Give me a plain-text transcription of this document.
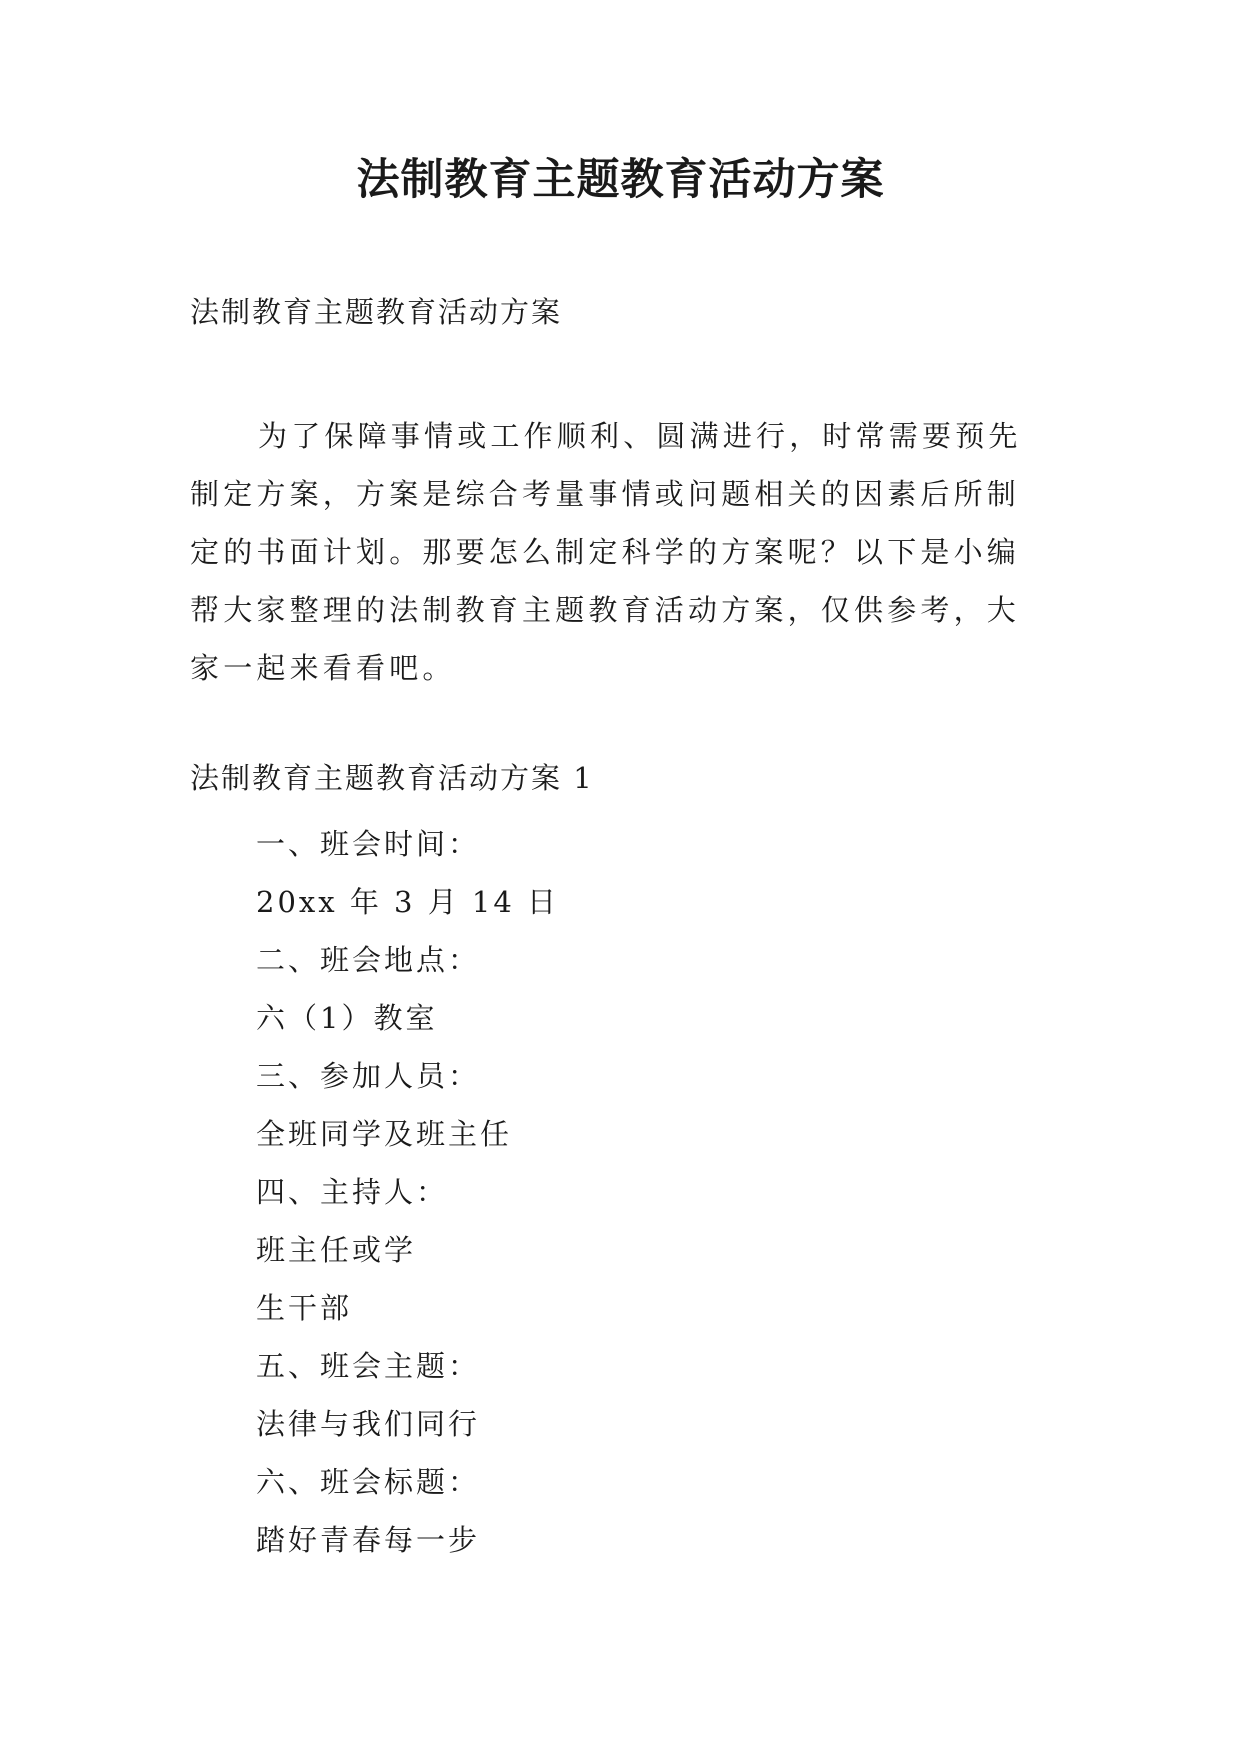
法制教育主题教育活动方案

法制教育主题教育活动方案

为了保障事情或工作顺利、圆满进行，时常需要预先制定方案，方案是综合考量事情或问题相关的因素后所制定的书面计划。那要怎么制定科学的方案呢？以下是小编帮大家整理的法制教育主题教育活动方案，仅供参考，大家一起来看看吧。

法制教育主题教育活动方案 1

一、班会时间：
20xx 年 3 月 14 日
二、班会地点：
六（1）教室
三、参加人员：
全班同学及班主任
四、主持人：
班主任或学
生干部
五、班会主题：
法律与我们同行
六、班会标题：
踏好青春每一步
